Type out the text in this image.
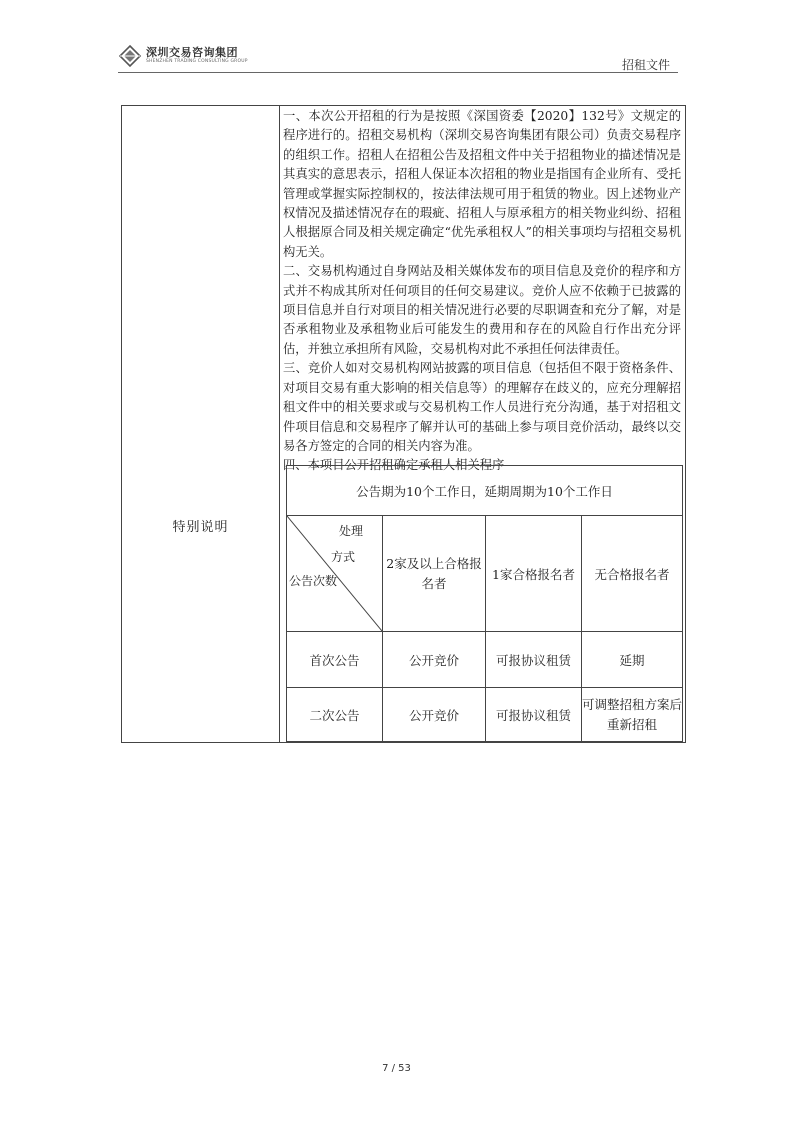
深圳交易咨询集团
SHENZHEN TRADING CONSULTING GROUP	招租文件
特别说明

一、本次公开招租的行为是按照《深国资委【2020】132号》文规定的程序进行的。招租交易机构（深圳交易咨询集团有限公司）负责交易程序的组织工作。招租人在招租公告及招租文件中关于招租物业的描述情况是其真实的意思表示，招租人保证本次招租的物业是指国有企业所有、受托管理或掌握实际控制权的，按法律法规可用于租赁的物业。因上述物业产权情况及描述情况存在的瑕疵、招租人与原承租方的相关物业纠纷、招租人根据原合同及相关规定确定“优先承租权人”的相关事项均与招租交易机构无关。

二、交易机构通过自身网站及相关媒体发布的项目信息及竞价的程序和方式并不构成其所对任何项目的任何交易建议。竞价人应不依赖于已披露的项目信息并自行对项目的相关情况进行必要的尽职调查和充分了解，对是否承租物业及承租物业后可能发生的费用和存在的风险自行作出充分评估，并独立承担所有风险，交易机构对此不承担任何法律责任。

三、竞价人如对交易机构网站披露的项目信息（包括但不限于资格条件、对项目交易有重大影响的相关信息等）的理解存在歧义的，应充分理解招租文件中的相关要求或与交易机构工作人员进行充分沟通，基于对招租文件项目信息和交易程序了解并认可的基础上参与项目竞价活动，最终以交易各方签定的合同的相关内容为准。

四、本项目公开招租确定承租人相关程序

公告期为10个工作日，延期周期为10个工作日			

处理
方式
公告次数	2家及以上合格报名者	1家合格报名者	无合格报名者
首次公告	公开竞价	可报协议租赁	延期
二次公告	公开竞价	可报协议租赁	可调整招租方案后重新招租
7 / 53
